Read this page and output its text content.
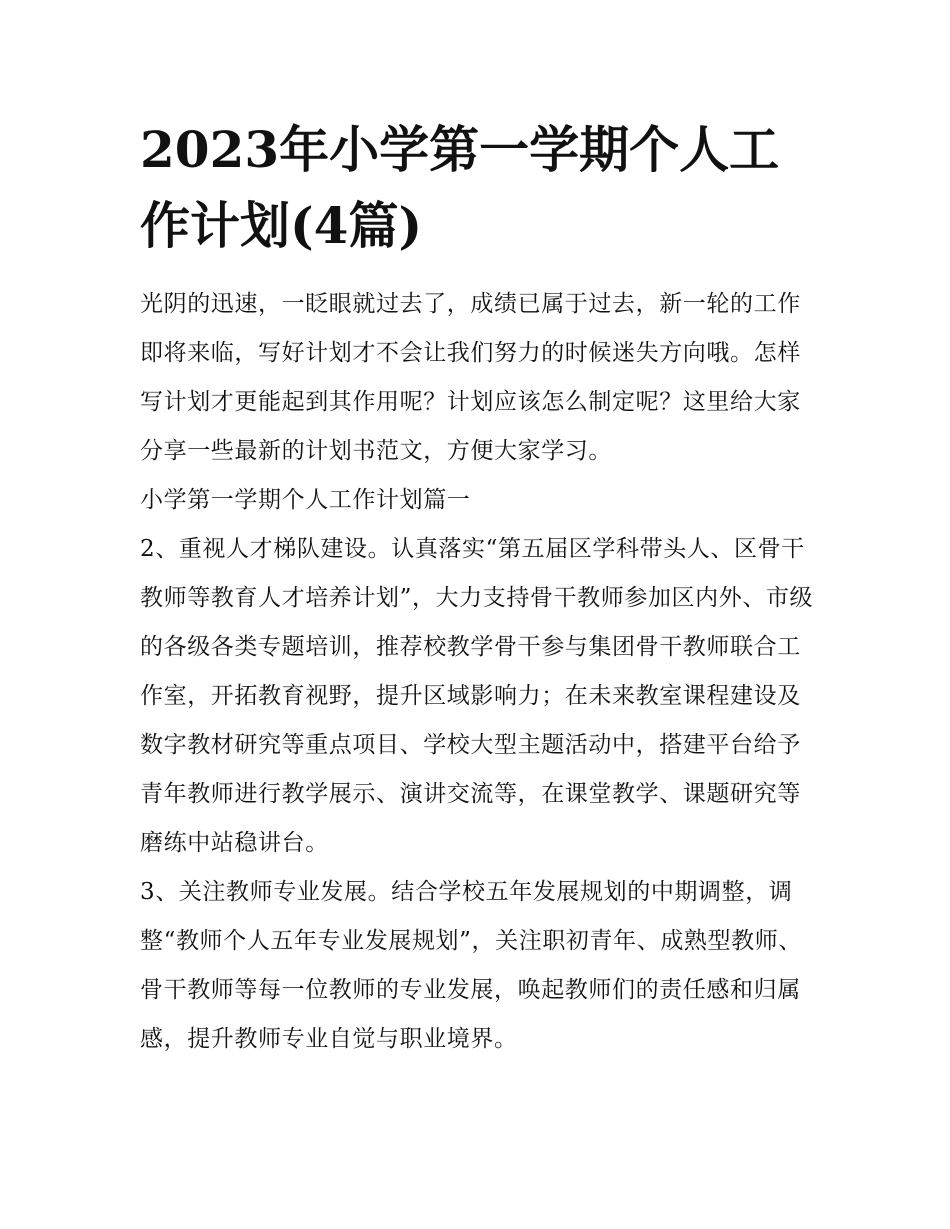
2023年小学第一学期个人工作计划(4篇)

光阴的迅速，一眨眼就过去了，成绩已属于过去，新一轮的工作即将来临，写好计划才不会让我们努力的时候迷失方向哦。怎样写计划才更能起到其作用呢？计划应该怎么制定呢？这里给大家分享一些最新的计划书范文，方便大家学习。

小学第一学期个人工作计划篇一

2、重视人才梯队建设。认真落实“第五届区学科带头人、区骨干教师等教育人才培养计划”，大力支持骨干教师参加区内外、市级的各级各类专题培训，推荐校教学骨干参与集团骨干教师联合工作室，开拓教育视野，提升区域影响力；在未来教室课程建设及数字教材研究等重点项目、学校大型主题活动中，搭建平台给予青年教师进行教学展示、演讲交流等，在课堂教学、课题研究等磨练中站稳讲台。

3、关注教师专业发展。结合学校五年发展规划的中期调整，调整“教师个人五年专业发展规划”，关注职初青年、成熟型教师、骨干教师等每一位教师的专业发展，唤起教师们的责任感和归属感，提升教师专业自觉与职业境界。
